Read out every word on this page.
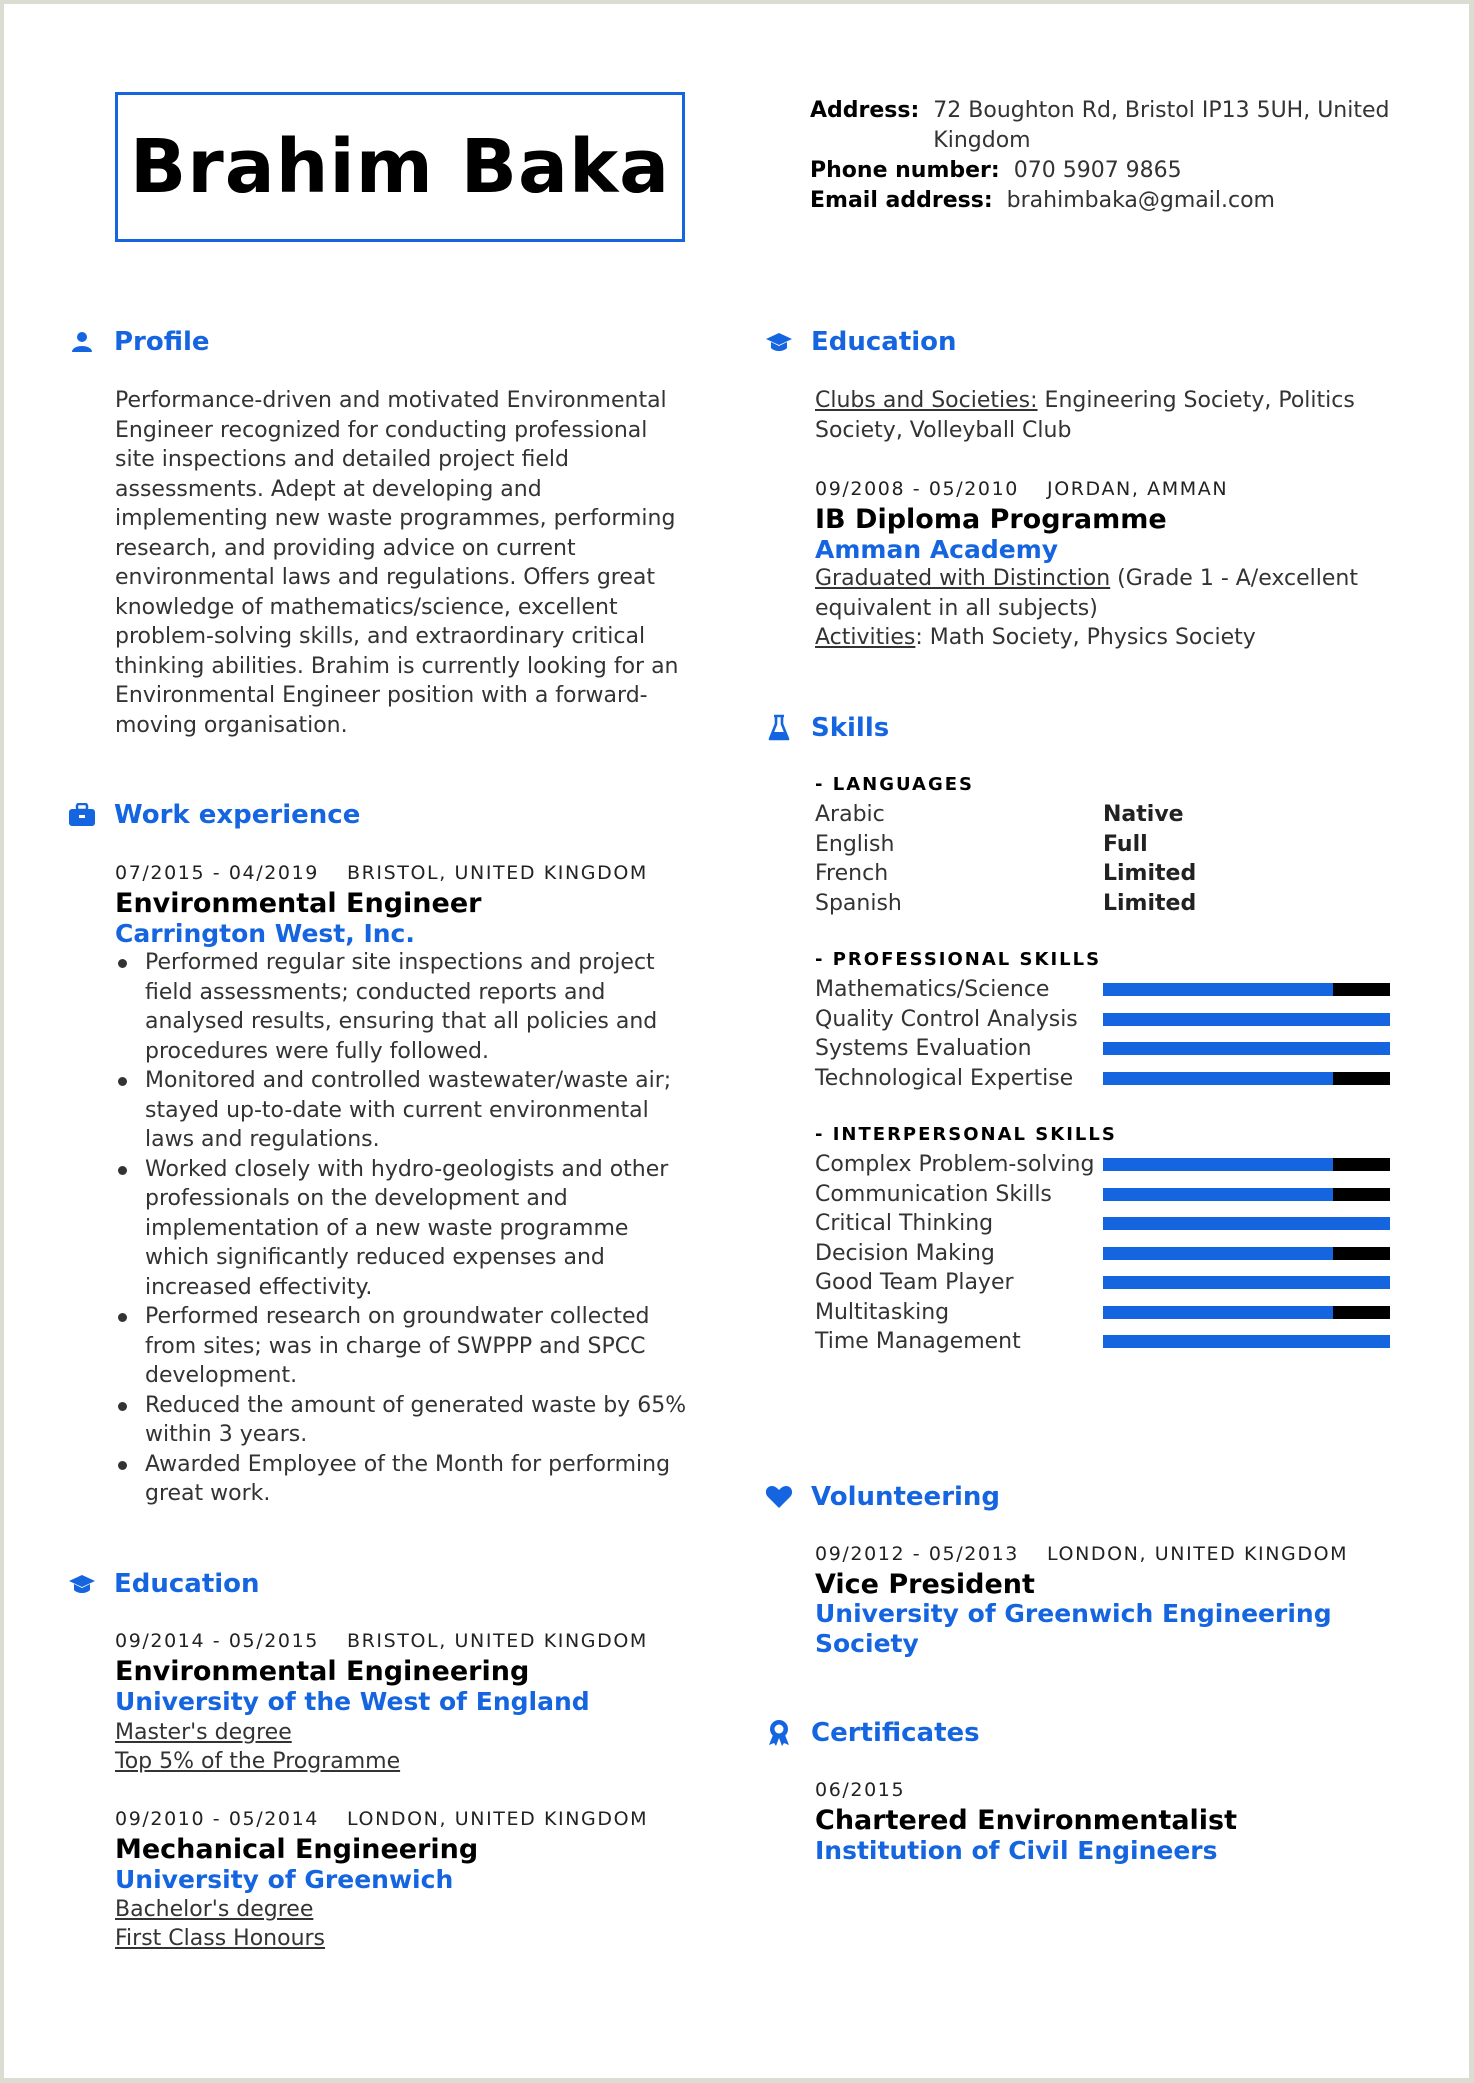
Brahim Baka
Address: 72 Boughton Rd, Bristol IP13 5UH, United Kingdom
Phone number: 070 5907 9865
Email address: brahimbaka@gmail.com
Profile
Performance-driven and motivated Environmental Engineer recognized for conducting professional site inspections and detailed project field assessments. Adept at developing and implementing new waste programmes, performing research, and providing advice on current environmental laws and regulations. Offers great knowledge of mathematics/science, excellent problem-solving skills, and extraordinary critical thinking abilities. Brahim is currently looking for an Environmental Engineer position with a forward-moving organisation.
Work experience
07/2015 - 04/2019 BRISTOL, UNITED KINGDOM
Environmental Engineer
Carrington West, Inc.
Performed regular site inspections and project field assessments; conducted reports and analysed results, ensuring that all policies and procedures were fully followed.
Monitored and controlled wastewater/waste air; stayed up-to-date with current environmental laws and regulations.
Worked closely with hydro-geologists and other professionals on the development and implementation of a new waste programme which significantly reduced expenses and increased effectivity.
Performed research on groundwater collected from sites; was in charge of SWPPP and SPCC development.
Reduced the amount of generated waste by 65% within 3 years.
Awarded Employee of the Month for performing great work.
Education
09/2014 - 05/2015 BRISTOL, UNITED KINGDOM
Environmental Engineering
University of the West of England
Master's degree
Top 5% of the Programme
09/2010 - 05/2014 LONDON, UNITED KINGDOM
Mechanical Engineering
University of Greenwich
Bachelor's degree
First Class Honours
Education
Clubs and Societies: Engineering Society, Politics Society, Volleyball Club
09/2008 - 05/2010 JORDAN, AMMAN
IB Diploma Programme
Amman Academy
Graduated with Distinction (Grade 1 - A/excellent equivalent in all subjects)
Activities: Math Society, Physics Society
Skills
- LANGUAGES
Arabic	Native
English	Full
French	Limited
Spanish	Limited
- PROFESSIONAL SKILLS
Mathematics/Science
Quality Control Analysis
Systems Evaluation
Technological Expertise
- INTERPERSONAL SKILLS
Complex Problem-solving
Communication Skills
Critical Thinking
Decision Making
Good Team Player
Multitasking
Time Management
Volunteering
09/2012 - 05/2013 LONDON, UNITED KINGDOM
Vice President
University of Greenwich Engineering Society
Certificates
06/2015
Chartered Environmentalist
Institution of Civil Engineers
